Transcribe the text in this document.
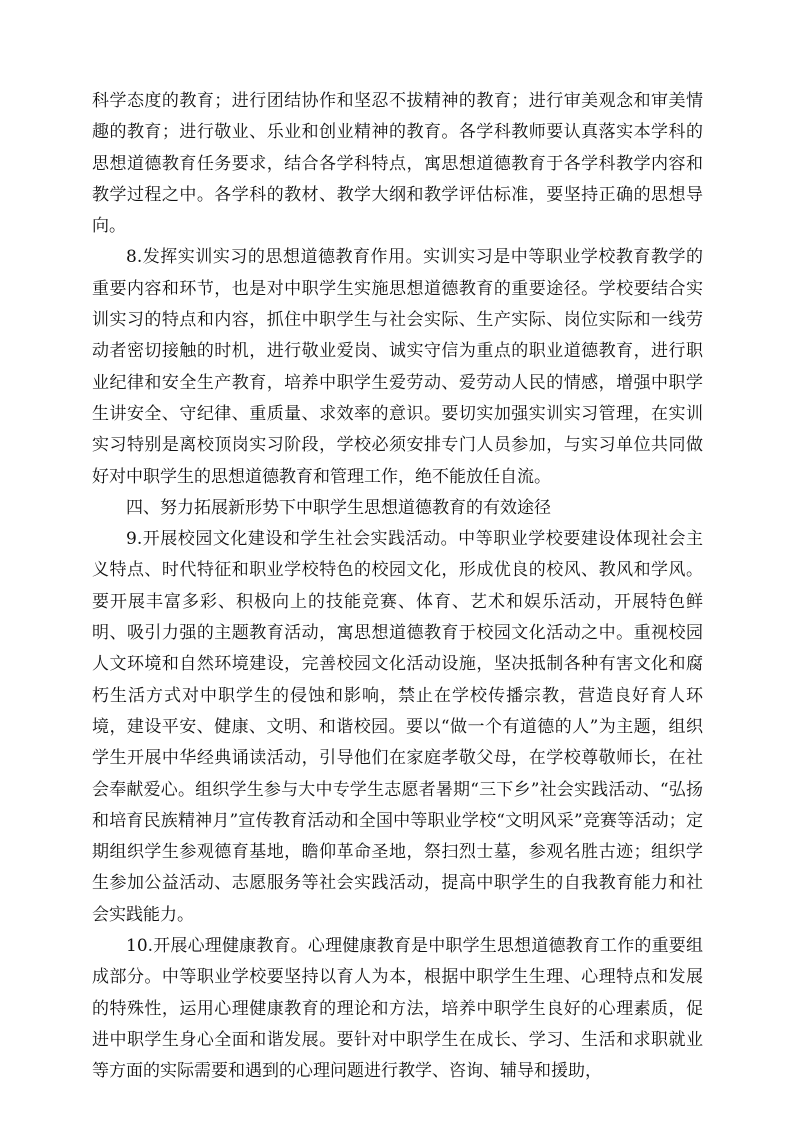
科学态度的教育；进行团结协作和坚忍不拔精神的教育；进行审美观念和审美情趣的教育；进行敬业、乐业和创业精神的教育。各学科教师要认真落实本学科的思想道德教育任务要求，结合各学科特点，寓思想道德教育于各学科教学内容和教学过程之中。各学科的教材、教学大纲和教学评估标准，要坚持正确的思想导向。

8.发挥实训实习的思想道德教育作用。实训实习是中等职业学校教育教学的重要内容和环节，也是对中职学生实施思想道德教育的重要途径。学校要结合实训实习的特点和内容，抓住中职学生与社会实际、生产实际、岗位实际和一线劳动者密切接触的时机，进行敬业爱岗、诚实守信为重点的职业道德教育，进行职业纪律和安全生产教育，培养中职学生爱劳动、爱劳动人民的情感，增强中职学生讲安全、守纪律、重质量、求效率的意识。要切实加强实训实习管理，在实训实习特别是离校顶岗实习阶段，学校必须安排专门人员参加，与实习单位共同做好对中职学生的思想道德教育和管理工作，绝不能放任自流。

四、努力拓展新形势下中职学生思想道德教育的有效途径

9.开展校园文化建设和学生社会实践活动。中等职业学校要建设体现社会主义特点、时代特征和职业学校特色的校园文化，形成优良的校风、教风和学风。要开展丰富多彩、积极向上的技能竞赛、体育、艺术和娱乐活动，开展特色鲜明、吸引力强的主题教育活动，寓思想道德教育于校园文化活动之中。重视校园人文环境和自然环境建设，完善校园文化活动设施，坚决抵制各种有害文化和腐朽生活方式对中职学生的侵蚀和影响，禁止在学校传播宗教，营造良好育人环境，建设平安、健康、文明、和谐校园。要以“做一个有道德的人”为主题，组织学生开展中华经典诵读活动，引导他们在家庭孝敬父母，在学校尊敬师长，在社会奉献爱心。组织学生参与大中专学生志愿者暑期“三下乡”社会实践活动、“弘扬和培育民族精神月”宣传教育活动和全国中等职业学校“文明风采”竞赛等活动；定期组织学生参观德育基地，瞻仰革命圣地，祭扫烈士墓，参观名胜古迹；组织学生参加公益活动、志愿服务等社会实践活动，提高中职学生的自我教育能力和社会实践能力。

10.开展心理健康教育。心理健康教育是中职学生思想道德教育工作的重要组成部分。中等职业学校要坚持以育人为本，根据中职学生生理、心理特点和发展的特殊性，运用心理健康教育的理论和方法，培养中职学生良好的心理素质，促进中职学生身心全面和谐发展。要针对中职学生在成长、学习、生活和求职就业等方面的实际需要和遇到的心理问题进行教学、咨询、辅导和援助，
